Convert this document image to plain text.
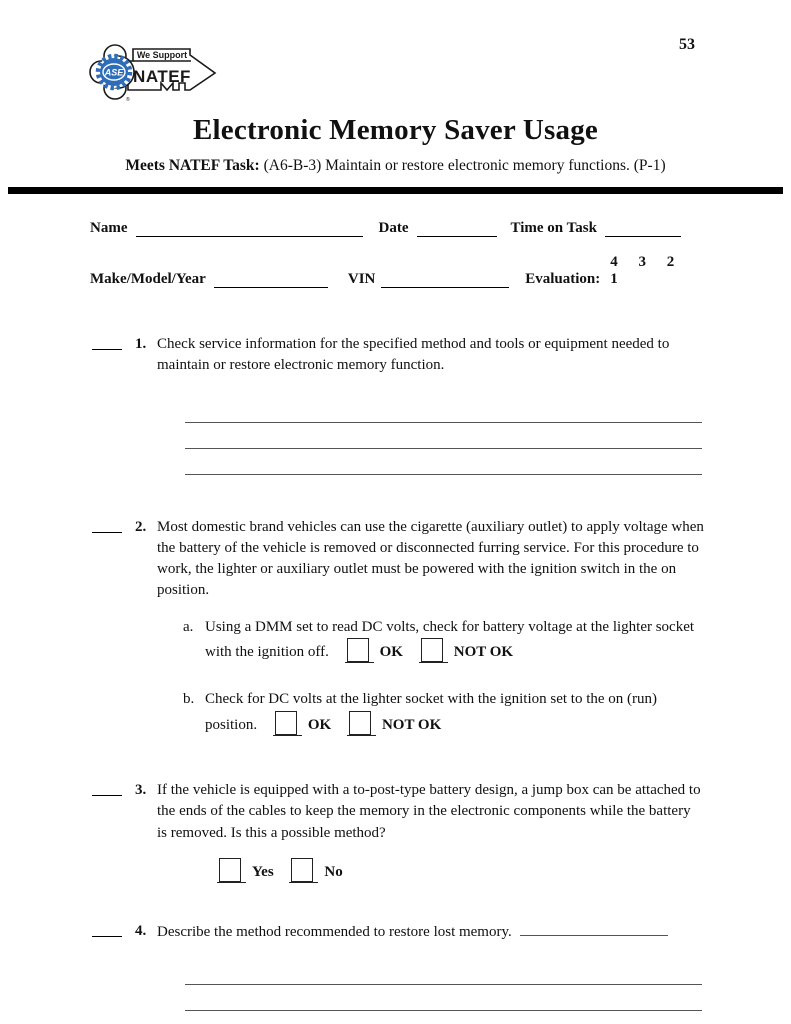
ASE
We Support
NATEF
®
53
Electronic Memory Saver Usage
Meets NATEF Task: (A6-B-3) Maintain or restore electronic memory functions. (P-1)
Name	Date	Time on Task
Make/Model/Year	VIN	Evaluation:
4 3 2 1
1. Check service information for the specified method and tools or equipment needed to maintain or restore electronic memory function.
2. Most domestic brand vehicles can use the cigarette (auxiliary outlet) to apply voltage when the battery of the vehicle is removed or disconnected furring service. For this procedure to work, the lighter or auxiliary outlet must be powered with the ignition switch in the on position.
a. Using a DMM set to read DC volts, check for battery voltage at the lighter socket with the ignition off.	OK	NOT OK
b. Check for DC volts at the lighter socket with the ignition set to the on (run) position.	OK	NOT OK
3. If the vehicle is equipped with a to-post-type battery design, a jump box can be attached to the ends of the cables to keep the memory in the electronic components while the battery is removed. Is this a possible method?
Yes	No
4. Describe the method recommended to restore lost memory.
